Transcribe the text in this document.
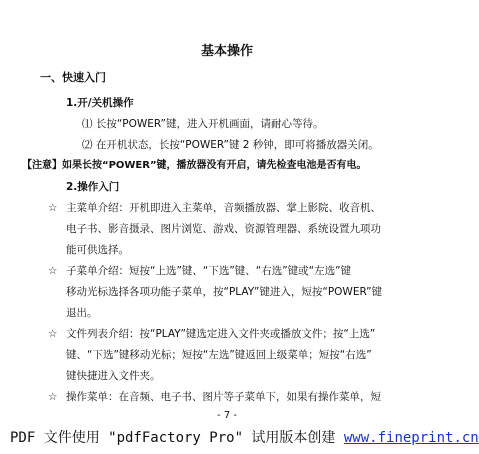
基本操作
一、快速入门
1.开/关机操作
⑴ 长按“POWER”键，进入开机画面，请耐心等待。
⑵ 在开机状态，长按“POWER”键 2 秒钟，即可将播放器关闭。
【注意】如果长按“POWER”键，播放器没有开启，请先检查电池是否有电。
2.操作入门
☆ 主菜单介绍：开机即进入主菜单，音频播放器、掌上影院、收音机、
电子书、影音摄录、图片浏览、游戏、资源管理器、系统设置九项功
能可供选择。
☆ 子菜单介绍：短按“上选”键、“下选”键、“右选”键或“左选”键
移动光标选择各项功能子菜单，按“PLAY”键进入，短按“POWER”键
退出。
☆ 文件列表介绍：按“PLAY”键选定进入文件夹或播放文件；按“上选”
键、“下选”键移动光标；短按“左选”键返回上级菜单；短按“右选”
键快捷进入文件夹。
☆ 操作菜单：在音频、电子书、图片等子菜单下，如果有操作菜单，短
- 7 -
PDF 文件使用 "pdfFactory Pro" 试用版本创建 www.fineprint.cn
